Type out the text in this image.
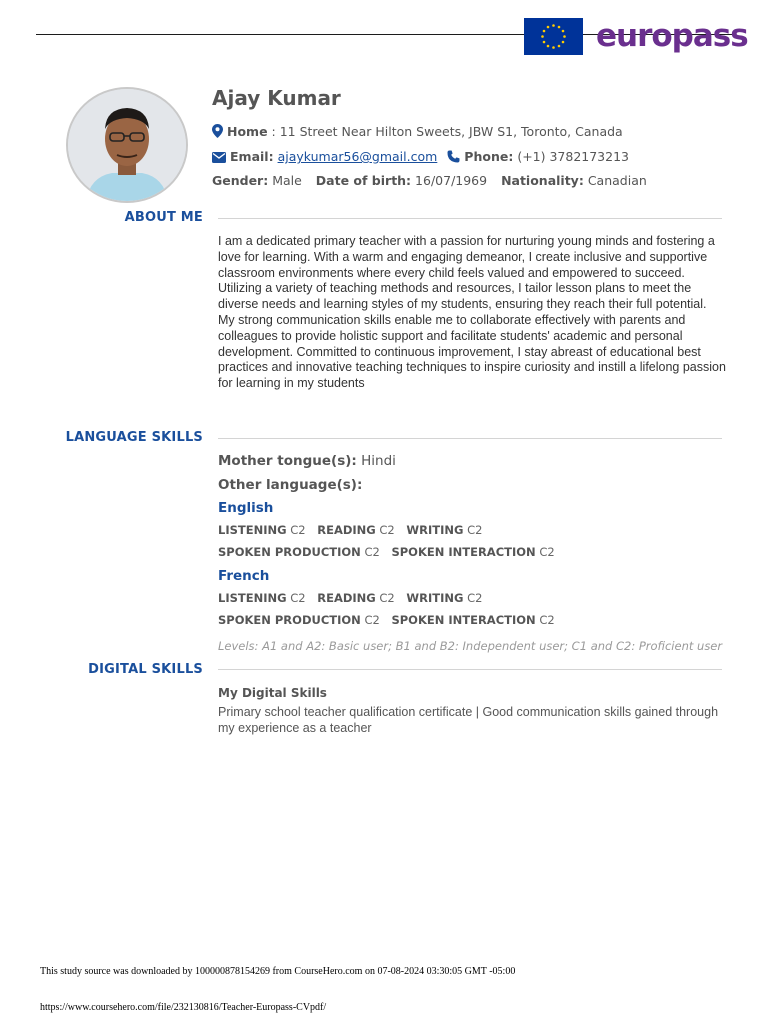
europass
Ajay Kumar
Home : 11 Street Near Hilton Sweets, JBW S1, Toronto, Canada
Email: ajaykumar56@gmail.com Phone: (+1) 3782173213
Gender: Male Date of birth: 16/07/1969 Nationality: Canadian
ABOUT ME
I am a dedicated primary teacher with a passion for nurturing young minds and fostering a love for learning. With a warm and engaging demeanor, I create inclusive and supportive classroom environments where every child feels valued and empowered to succeed. Utilizing a variety of teaching methods and resources, I tailor lesson plans to meet the diverse needs and learning styles of my students, ensuring they reach their full potential. My strong communication skills enable me to collaborate effectively with parents and colleagues to provide holistic support and facilitate students' academic and personal development. Committed to continuous improvement, I stay abreast of educational best practices and innovative teaching techniques to inspire curiosity and instill a lifelong passion for learning in my students
LANGUAGE SKILLS
Mother tongue(s): Hindi
Other language(s):
English
LISTENING C2 READING C2 WRITING C2
SPOKEN PRODUCTION C2 SPOKEN INTERACTION C2
French
LISTENING C2 READING C2 WRITING C2
SPOKEN PRODUCTION C2 SPOKEN INTERACTION C2
Levels: A1 and A2: Basic user; B1 and B2: Independent user; C1 and C2: Proficient user
DIGITAL SKILLS
My Digital Skills
Primary school teacher qualification certificate | Good communication skills gained through my experience as a teacher
This study source was downloaded by 100000878154269 from CourseHero.com on 07-08-2024 03:30:05 GMT -05:00
https://www.coursehero.com/file/232130816/Teacher-Europass-CVpdf/
